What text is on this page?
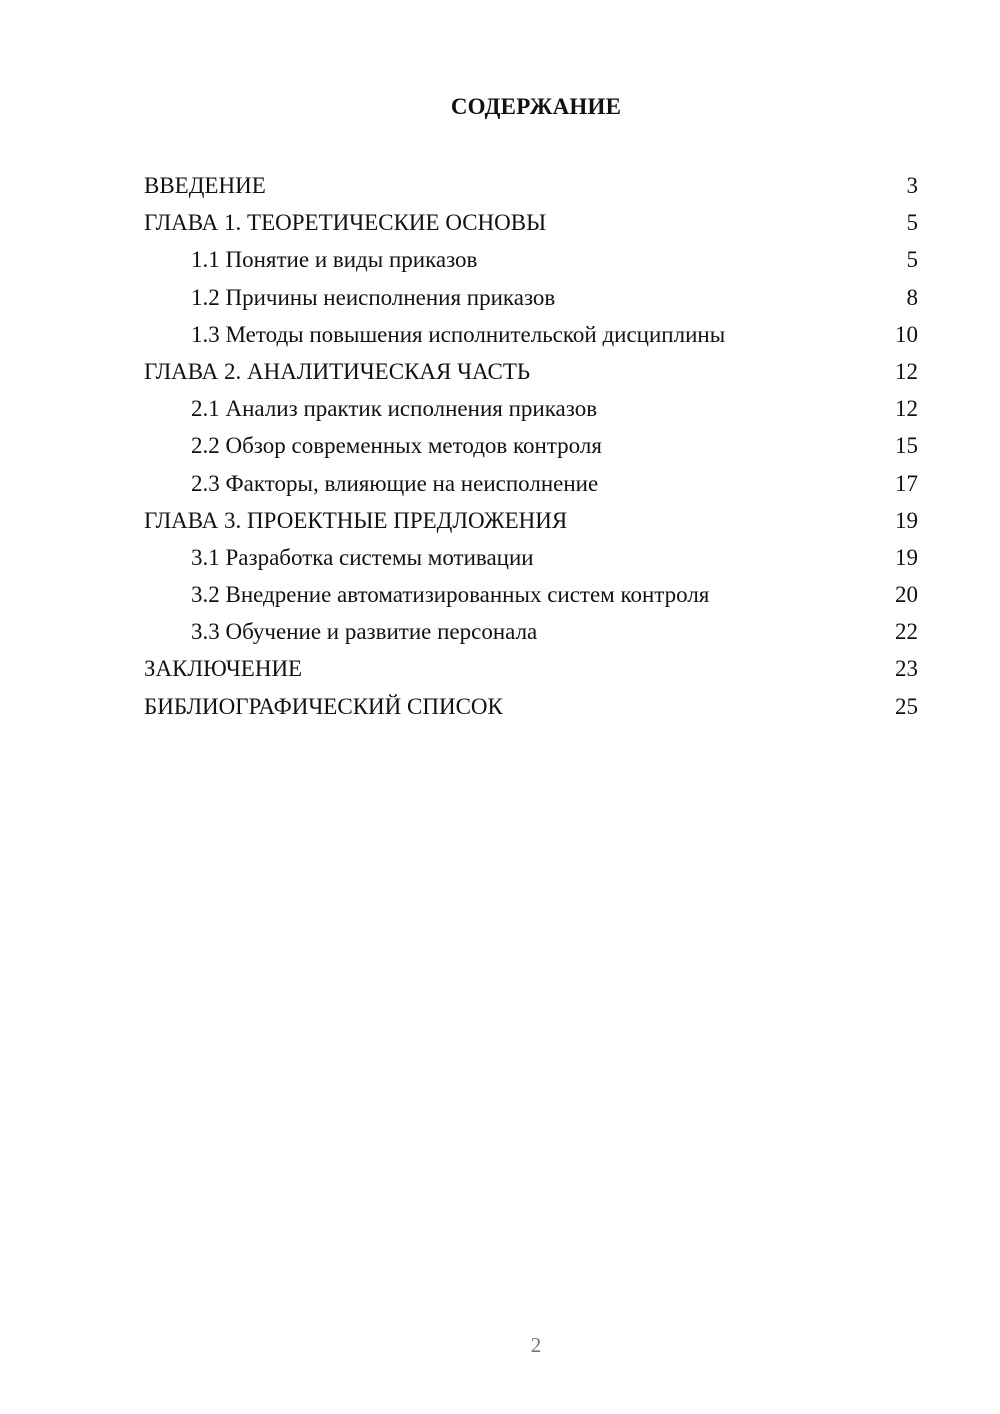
СОДЕРЖАНИЕ
ВВЕДЕНИЕ	3
ГЛАВА 1. ТЕОРЕТИЧЕСКИЕ ОСНОВЫ	5
1.1 Понятие и виды приказов	5
1.2 Причины неисполнения приказов	8
1.3 Методы повышения исполнительской дисциплины	10
ГЛАВА 2. АНАЛИТИЧЕСКАЯ ЧАСТЬ	12
2.1 Анализ практик исполнения приказов	12
2.2 Обзор современных методов контроля	15
2.3 Факторы, влияющие на неисполнение	17
ГЛАВА 3. ПРОЕКТНЫЕ ПРЕДЛОЖЕНИЯ	19
3.1 Разработка системы мотивации	19
3.2 Внедрение автоматизированных систем контроля	20
3.3 Обучение и развитие персонала	22
ЗАКЛЮЧЕНИЕ	23
БИБЛИОГРАФИЧЕСКИЙ СПИСОК	25
2
